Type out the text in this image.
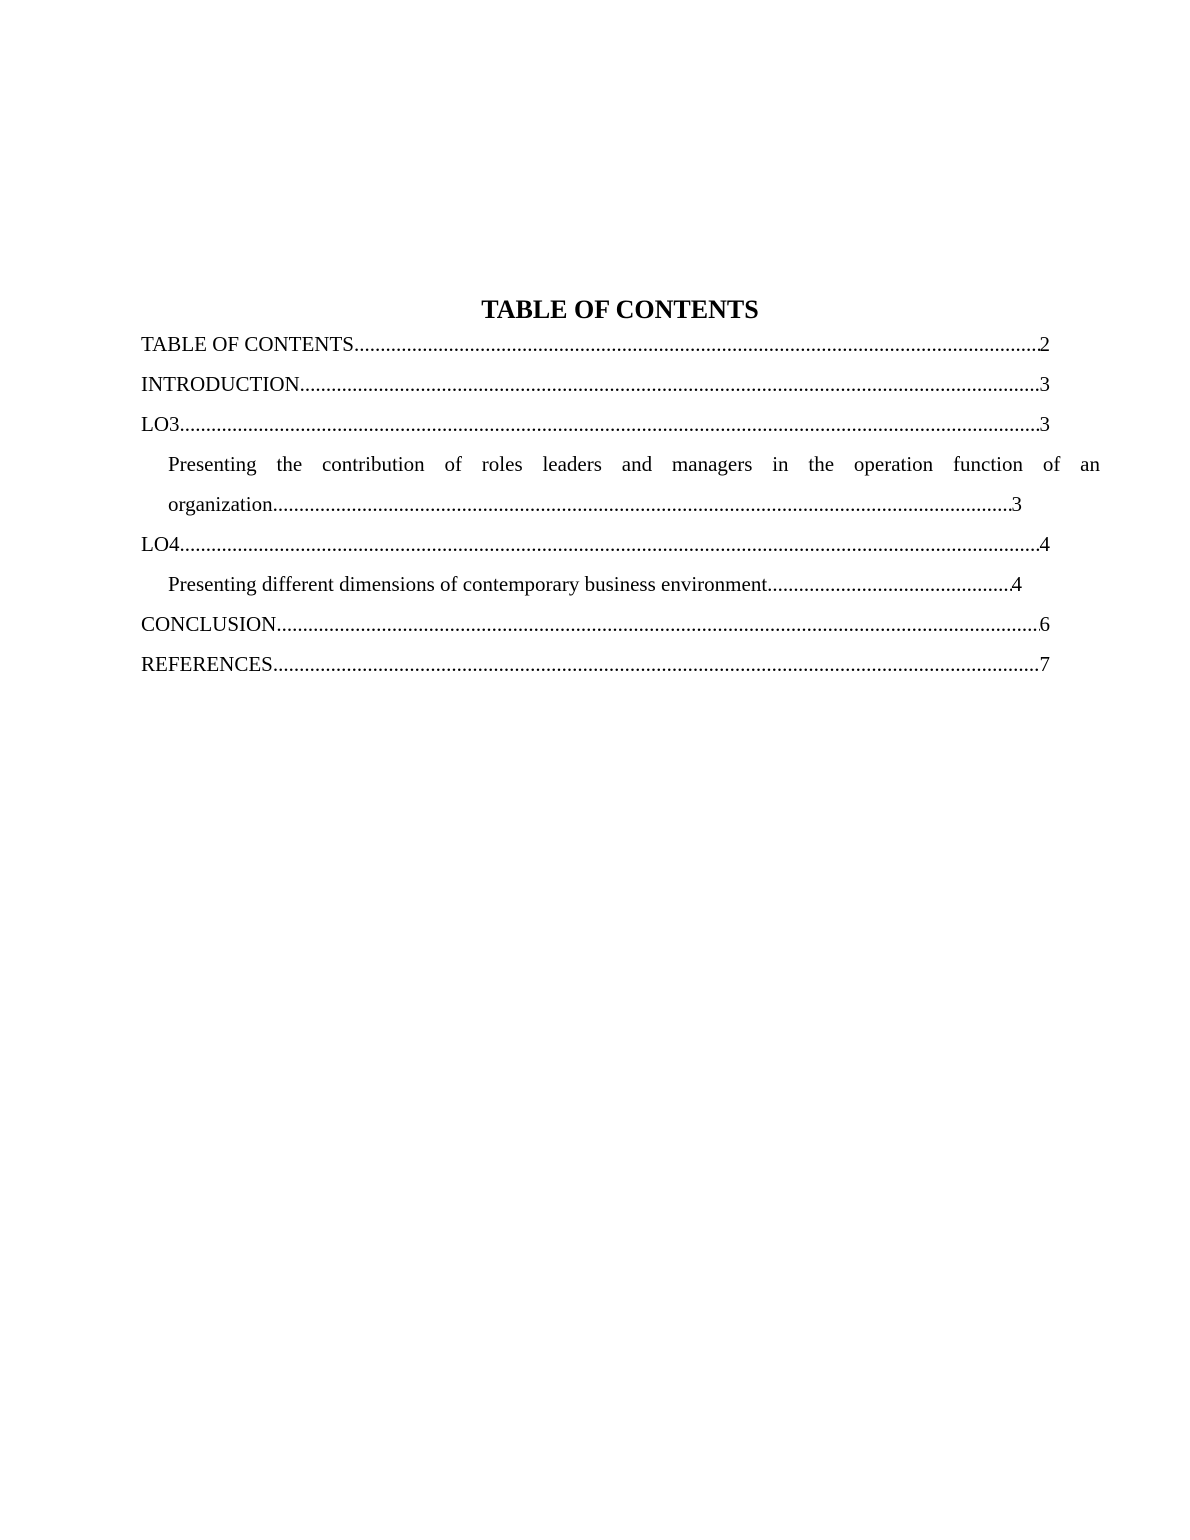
TABLE OF CONTENTS
TABLE OF CONTENTS .....	2
INTRODUCTION .....	3
LO3 .....	3
Presenting the contribution of roles leaders and managers in the operation function of an
organization .....	3
LO4 .....	4
Presenting different dimensions of contemporary business environment .....	4
CONCLUSION .....	6
REFERENCES .....	7
